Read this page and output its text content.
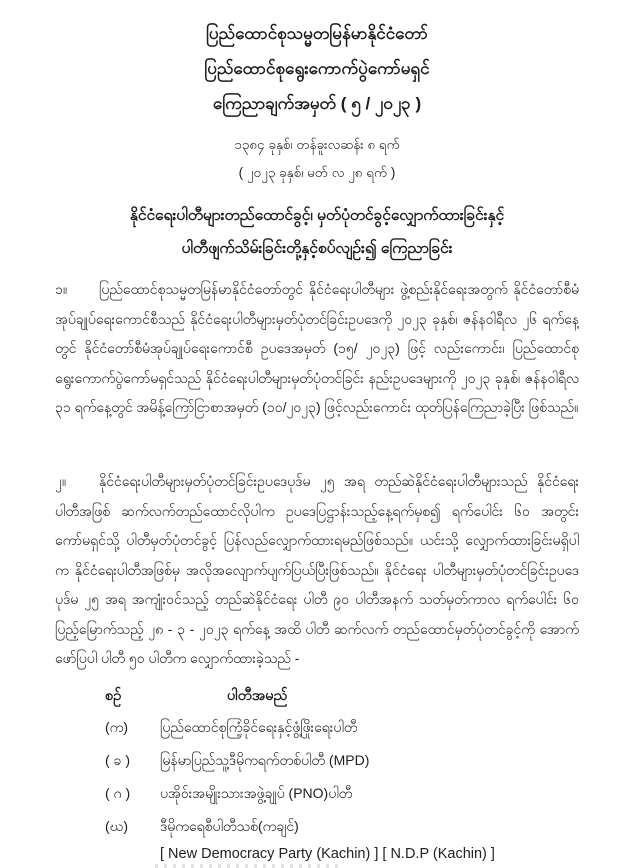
ပြည်ထောင်စုသမ္မတမြန်မာနိုင်ငံတော်
ပြည်ထောင်စုရွေးကောက်ပွဲကော်မရှင်
ကြေညာချက်အမှတ် ( ၅ / ၂၀၂၃ )
၁၃၈၄ ခုနှစ်၊ တန်ခူးလဆန်း ၈ ရက်
( ၂၀၂၃ ခုနှစ်၊ မတ် လ ၂၈ ရက် )
နိုင်ငံရေးပါတီများတည်ထောင်ခွင့်၊ မှတ်ပုံတင်ခွင့်လျှောက်ထားခြင်းနှင့်
ပါတီဖျက်သိမ်းခြင်းတို့နှင့်စပ်လျဉ်း၍ ကြေညာခြင်း
၁။ ပြည်ထောင်စုသမ္မတမြန်မာနိုင်ငံတော်တွင် နိုင်ငံရေးပါတီများ ဖွဲ့စည်းနိုင်ရေးအတွက် နိုင်ငံတော်စီမံအုပ်ချုပ်ရေးကောင်စီသည် နိုင်ငံရေးပါတီများမှတ်ပုံတင်ခြင်းဥပဒေကို ၂၀၂၃ ခုနှစ်၊ ဇန်နဝါရီလ ၂၆ ရက်နေ့တွင် နိုင်ငံတော်စီမံအုပ်ချုပ်ရေးကောင်စီ ဥပဒေအမှတ် (၁၅/ ၂၀၂၃) ဖြင့် လည်းကောင်း၊ ပြည်ထောင်စုရွေးကောက်ပွဲကော်မရှင်သည် နိုင်ငံရေးပါတီများမှတ်ပုံတင်ခြင်း နည်းဥပဒေများကို ၂၀၂၃ ခုနှစ်၊ ဇန်နဝါရီလ ၃၁ ရက်နေ့တွင် အမိန့်ကြော်ငြာစာအမှတ် (၁၀/၂၀၂၃) ဖြင့်လည်းကောင်း ထုတ်ပြန်ကြေညာခဲ့ပြီး ဖြစ်သည်။
၂။ နိုင်ငံရေးပါတီများမှတ်ပုံတင်ခြင်းဥပဒေပုဒ်မ ၂၅ အရ တည်ဆဲနိုင်ငံရေးပါတီများသည် နိုင်ငံရေးပါတီအဖြစ် ဆက်လက်တည်ထောင်လိုပါက ဥပဒေပြဋ္ဌာန်းသည့်နေ့ရက်မှစ၍ ရက်ပေါင်း ၆၀ အတွင်း ကော်မရှင်သို့ ပါတီမှတ်ပုံတင်ခွင့် ပြန်လည်လျှောက်ထားရမည်ဖြစ်သည်။ ယင်းသို့ လျှောက်ထားခြင်းမရှိပါက နိုင်ငံရေးပါတီအဖြစ်မှ အလိုအလျောက်ပျက်ပြယ်ပြီးဖြစ်သည်။ နိုင်ငံရေး ပါတီများမှတ်ပုံတင်ခြင်းဥပဒေ ပုဒ်မ ၂၅ အရ အကျုံးဝင်သည့် တည်ဆဲနိုင်ငံရေး ပါတီ ၉၀ ပါတီအနက် သတ်မှတ်ကာလ ရက်ပေါင်း ၆၀ ပြည့်မြောက်သည့် ၂၈ - ၃ - ၂၀၂၃ ရက်နေ့ အထိ ပါတီ ဆက်လက် တည်ထောင်မှတ်ပုံတင်ခွင့်ကို အောက်ဖော်ပြပါ ပါတီ ၅၀ ပါတီက လျှောက်ထားခဲ့သည် -
စဉ်	ပါတီအမည်
(က)	ပြည်ထောင်စုကြံ့ခိုင်ရေးနှင့်ဖွံ့ဖြိုးရေးပါတီ
( ခ )	မြန်မာပြည်သူ့ဒီမိုကရက်တစ်ပါတီ (MPD)
( ဂ )	ပအိုဝ်းအမျိုးသားအဖွဲ့ချုပ် (PNO)ပါတီ
(ဃ)	ဒီမိုကရေစီပါတီသစ်(ကချင်)
[ New Democracy Party (Kachin) ] [ N.D.P (Kachin) ]
